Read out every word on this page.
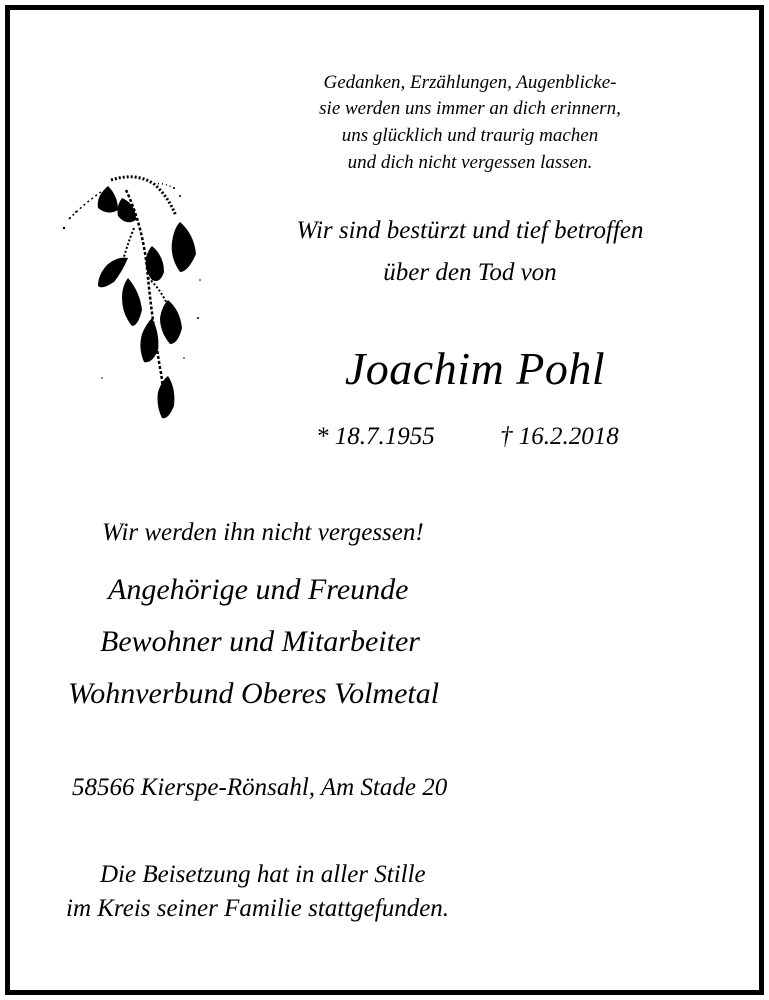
Gedanken, Erzählungen, Augenblicke-
sie werden uns immer an dich erinnern,
uns glücklich und traurig machen
und dich nicht vergessen lassen.
Wir sind bestürzt und tief betroffen
über den Tod von
Joachim Pohl
* 18.7.1955	† 16.2.2018
Wir werden ihn nicht vergessen!
Angehörige und Freunde
Bewohner und Mitarbeiter
Wohnverbund Oberes Volmetal
58566 Kierspe-Rönsahl, Am Stade 20
Die Beisetzung hat in aller Stille
im Kreis seiner Familie stattgefunden.
